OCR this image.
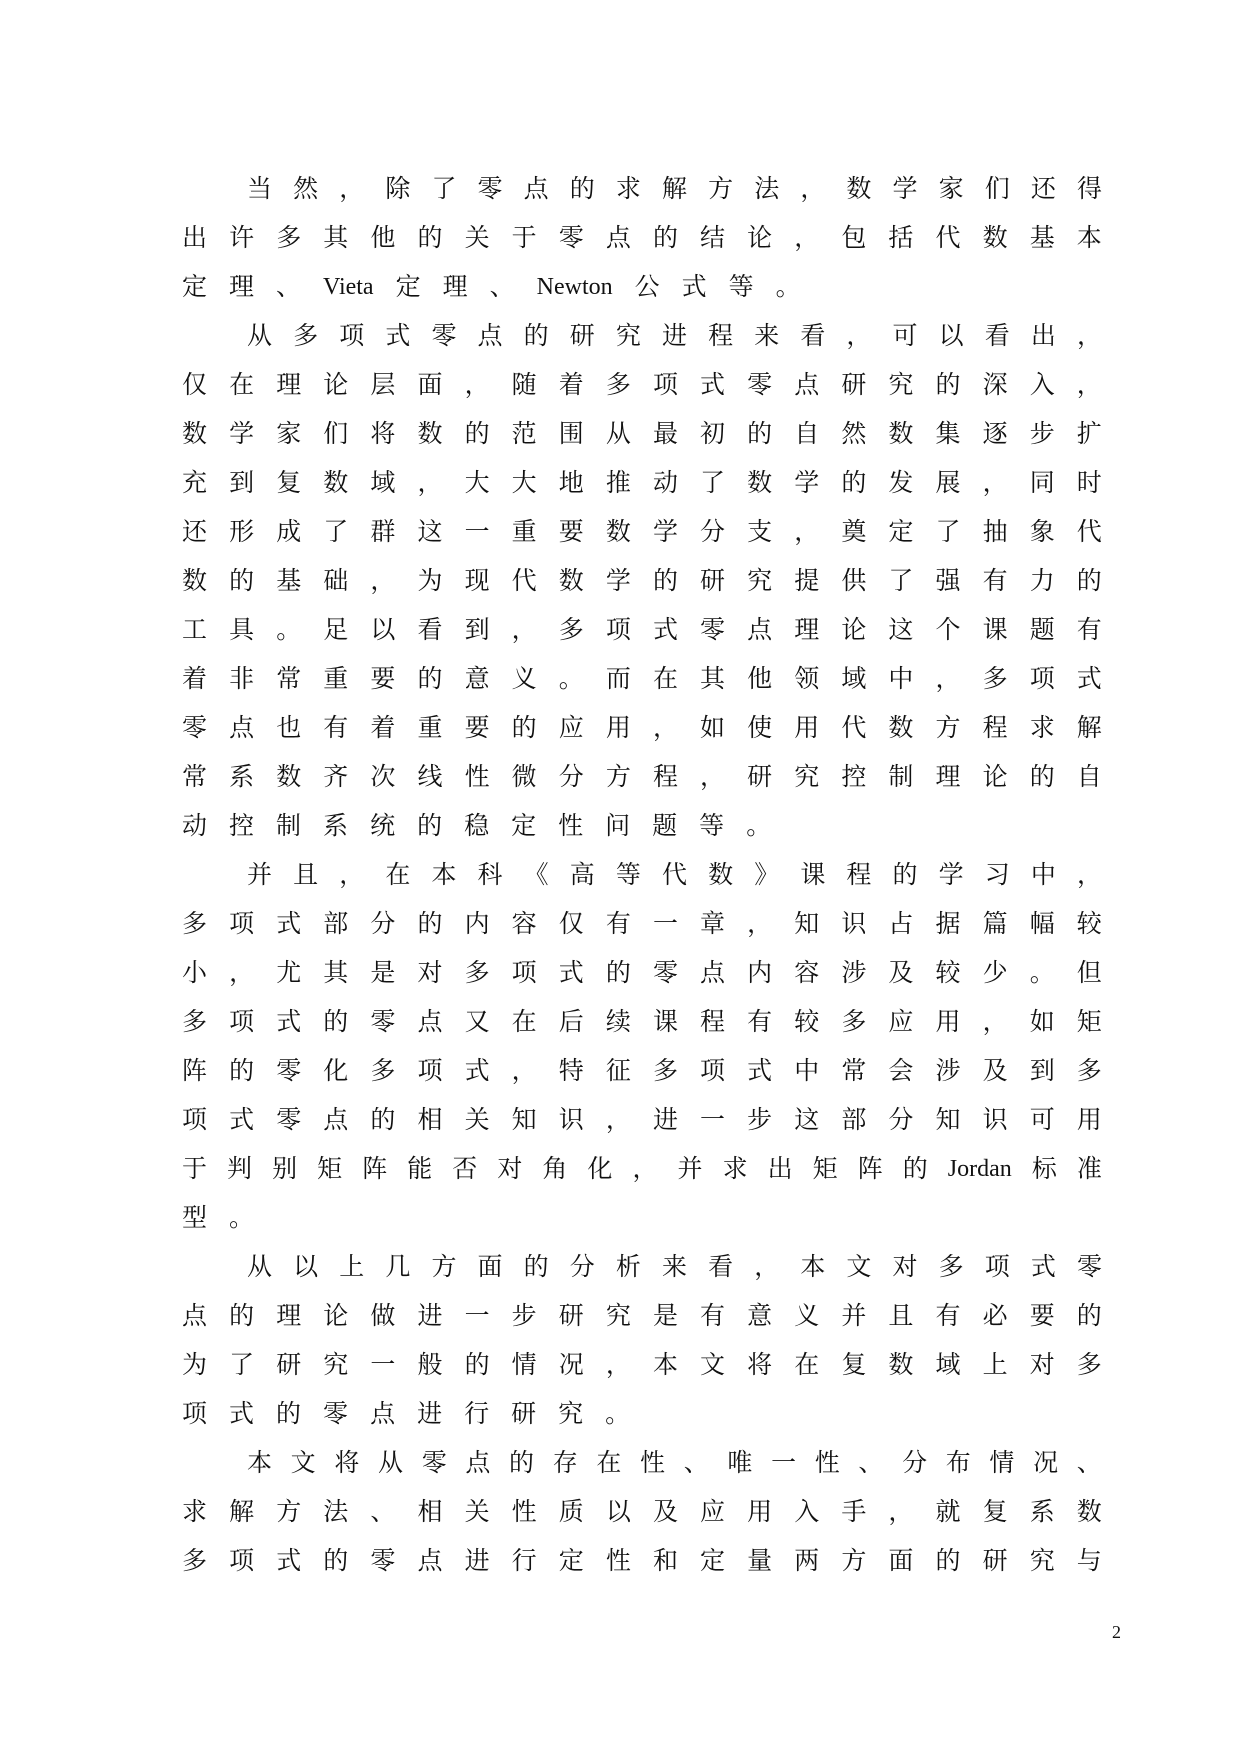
当 然 ， 除 了 零 点 的 求 解 方 法 ， 数 学 家 们 还 得
出 许 多 其 他 的 关 于 零 点 的 结 论 ， 包 括 代 数 基 本
定 理 、 Vieta 定 理 、 Newton 公 式 等 。
从 多 项 式 零 点 的 研 究 进 程 来 看 ， 可 以 看 出 ，
仅 在 理 论 层 面 ， 随 着 多 项 式 零 点 研 究 的 深 入 ，
数 学 家 们 将 数 的 范 围 从 最 初 的 自 然 数 集 逐 步 扩
充 到 复 数 域 ， 大 大 地 推 动 了 数 学 的 发 展 ， 同 时
还 形 成 了 群 这 一 重 要 数 学 分 支 ， 奠 定 了 抽 象 代
数 的 基 础 ， 为 现 代 数 学 的 研 究 提 供 了 强 有 力 的
工 具 。 足 以 看 到 ， 多 项 式 零 点 理 论 这 个 课 题 有
着 非 常 重 要 的 意 义 。 而 在 其 他 领 域 中 ， 多 项 式
零 点 也 有 着 重 要 的 应 用 ， 如 使 用 代 数 方 程 求 解
常 系 数 齐 次 线 性 微 分 方 程 ， 研 究 控 制 理 论 的 自
动 控 制 系 统 的 稳 定 性 问 题 等 。
并 且 ， 在 本 科 《 高 等 代 数 》 课 程 的 学 习 中 ，
多 项 式 部 分 的 内 容 仅 有 一 章 ， 知 识 占 据 篇 幅 较
小 ， 尤 其 是 对 多 项 式 的 零 点 内 容 涉 及 较 少 。 但
多 项 式 的 零 点 又 在 后 续 课 程 有 较 多 应 用 ， 如 矩
阵 的 零 化 多 项 式 ， 特 征 多 项 式 中 常 会 涉 及 到 多
项 式 零 点 的 相 关 知 识 ， 进 一 步 这 部 分 知 识 可 用
于 判 别 矩 阵 能 否 对 角 化 ， 并 求 出 矩 阵 的 Jordan 标 准
型 。
从 以 上 几 方 面 的 分 析 来 看 ， 本 文 对 多 项 式 零
点 的 理 论 做 进 一 步 研 究 是 有 意 义 并 且 有 必 要 的
为 了 研 究 一 般 的 情 况 ， 本 文 将 在 复 数 域 上 对 多
项 式 的 零 点 进 行 研 究 。
本 文 将 从 零 点 的 存 在 性 、 唯 一 性 、 分 布 情 况 、
求 解 方 法 、 相 关 性 质 以 及 应 用 入 手 ， 就 复 系 数
多 项 式 的 零 点 进 行 定 性 和 定 量 两 方 面 的 研 究 与
2
